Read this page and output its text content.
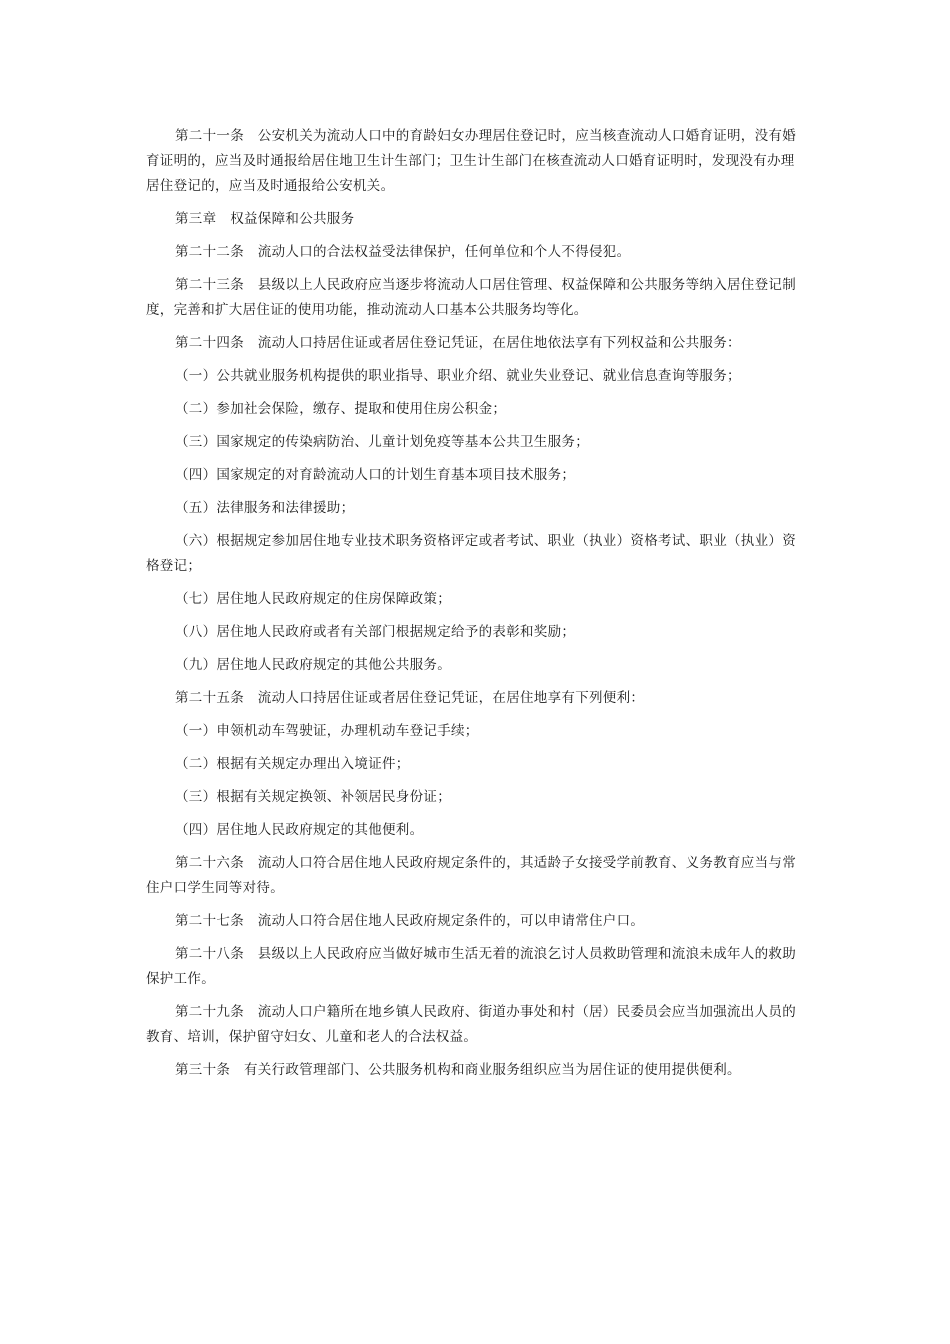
第二十一条　公安机关为流动人口中的育龄妇女办理居住登记时，应当核查流动人口婚育证明，没有婚育证明的，应当及时通报给居住地卫生计生部门；卫生计生部门在核查流动人口婚育证明时，发现没有办理居住登记的，应当及时通报给公安机关。

第三章　权益保障和公共服务

第二十二条　流动人口的合法权益受法律保护，任何单位和个人不得侵犯。

第二十三条　县级以上人民政府应当逐步将流动人口居住管理、权益保障和公共服务等纳入居住登记制度，完善和扩大居住证的使用功能，推动流动人口基本公共服务均等化。

第二十四条　流动人口持居住证或者居住登记凭证，在居住地依法享有下列权益和公共服务：

（一）公共就业服务机构提供的职业指导、职业介绍、就业失业登记、就业信息查询等服务；

（二）参加社会保险，缴存、提取和使用住房公积金；

（三）国家规定的传染病防治、儿童计划免疫等基本公共卫生服务；

（四）国家规定的对育龄流动人口的计划生育基本项目技术服务；

（五）法律服务和法律援助；

（六）根据规定参加居住地专业技术职务资格评定或者考试、职业（执业）资格考试、职业（执业）资格登记；

（七）居住地人民政府规定的住房保障政策；

（八）居住地人民政府或者有关部门根据规定给予的表彰和奖励；

（九）居住地人民政府规定的其他公共服务。

第二十五条　流动人口持居住证或者居住登记凭证，在居住地享有下列便利：

（一）申领机动车驾驶证，办理机动车登记手续；

（二）根据有关规定办理出入境证件；

（三）根据有关规定换领、补领居民身份证；

（四）居住地人民政府规定的其他便利。

第二十六条　流动人口符合居住地人民政府规定条件的，其适龄子女接受学前教育、义务教育应当与常住户口学生同等对待。

第二十七条　流动人口符合居住地人民政府规定条件的，可以申请常住户口。

第二十八条　县级以上人民政府应当做好城市生活无着的流浪乞讨人员救助管理和流浪未成年人的救助保护工作。

第二十九条　流动人口户籍所在地乡镇人民政府、街道办事处和村（居）民委员会应当加强流出人员的教育、培训，保护留守妇女、儿童和老人的合法权益。

第三十条　有关行政管理部门、公共服务机构和商业服务组织应当为居住证的使用提供便利。
